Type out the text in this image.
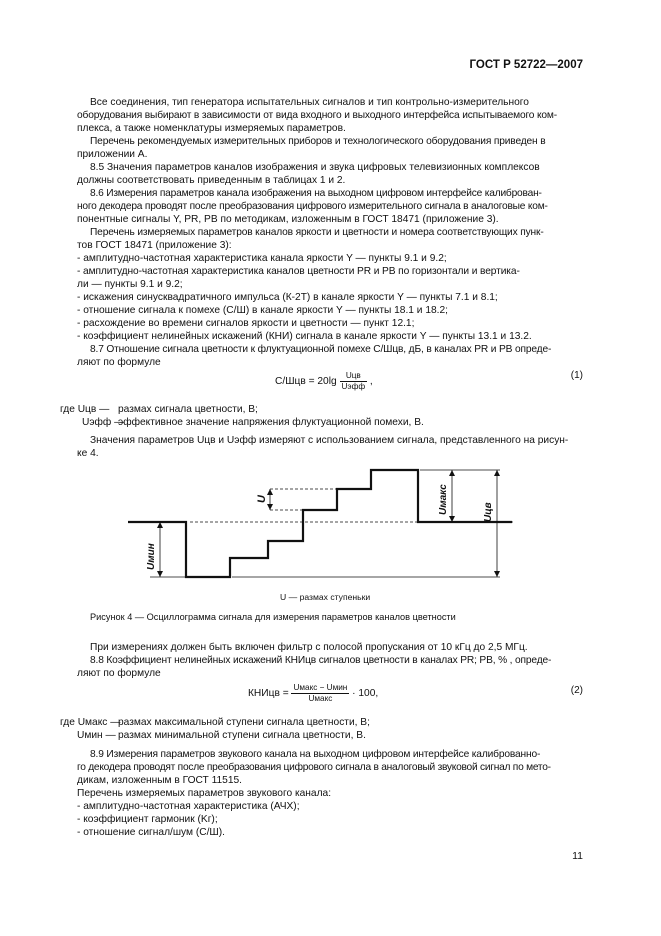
ГОСТ Р 52722—2007
Все соединения, тип генератора испытательных сигналов и тип контрольно-измерительного
оборудования выбирают в зависимости от вида входного и выходного интерфейса испытываемого ком-
плекса, а также номенклатуры измеряемых параметров.
Перечень рекомендуемых измерительных приборов и технологического оборудования приведен в
приложении А.
8.5 Значения параметров каналов изображения и звука цифровых телевизионных комплексов
должны соответствовать приведенным в таблицах 1 и 2.
8.6 Измерения параметров канала изображения на выходном цифровом интерфейсе калиброван-
ного декодера проводят после преобразования цифрового измерительного сигнала в аналоговые ком-
понентные сигналы Y, PR, PB по методикам, изложенным в ГОСТ 18471 (приложение 3).
Перечень измеряемых параметров каналов яркости и цветности и номера соответствующих пунк-
тов ГОСТ 18471 (приложение 3):
- амплитудно-частотная характеристика канала яркости Y — пункты 9.1 и 9.2;
- амплитудно-частотная характеристика каналов цветности PR и PB по горизонтали и вертика-
ли — пункты 9.1 и 9.2;
- искажения синусквадратичного импульса (К-2Т) в канале яркости Y — пункты 7.1 и 8.1;
- отношение сигнала к помехе (С/Ш) в канале яркости Y — пункты 18.1 и 18.2;
- расхождение во времени сигналов яркости и цветности — пункт 12.1;
- коэффициент нелинейных искажений (КНИ) сигнала в канале яркости Y — пункты 13.1 и 13.2.
8.7 Отношение сигнала цветности к флуктуационной помехе С/Шцв, дБ, в каналах PR и PB опреде-
ляют по формуле
$С/Шцв = 20\lg \frac{\text{Uцв}}{\text{Uэфф}}$ ,
(1)
где Uцв — размах сигнала цветности, В;
Uэфф —
эффективное значение напряжения флуктуационной помехи, В.
Значения параметров Uцв и Uэфф измеряют с использованием сигнала, представленного на рисун-
ке 4.
U
Uмин
Uмакс	Uцв
U — размах ступеньки
Рисунок 4 — Осциллограмма сигнала для измерения параметров каналов цветности
При измерениях должен быть включен фильтр с полосой пропускания от 10 кГц до 2,5 МГц.
8.8 Коэффициент нелинейных искажений КНИцв сигналов цветности в каналах PR; PB, % , опреде-
ляют по формуле
КНИцв = $\frac{\text{Uмакс − Uмин}}{\text{Uмакс}} \cdot 100$,	(2)
где Uмакс —
размах максимальной ступени сигнала цветности, В;
Uмин — размах минимальной ступени сигнала цветности, В.
8.9 Измерения параметров звукового канала на выходном цифровом интерфейсе калиброванно-
го декодера проводят после преобразования цифрового сигнала в аналоговый звуковой сигнал по мето-
дикам, изложенным в ГОСТ 11515.
Перечень измеряемых параметров звукового канала:
- амплитудно-частотная характеристика (АЧХ);
- коэффициент гармоник (Kг);
- отношение сигнал/шум (С/Ш).
11
